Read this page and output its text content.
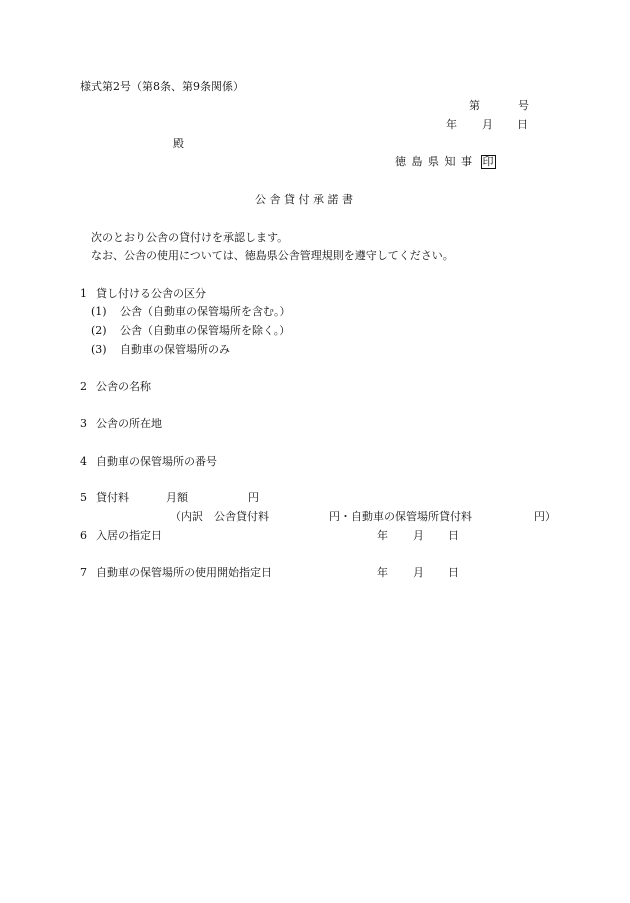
様式第2号（第8条、第9条関係）
第	号
年 月 日
殿
徳 島 県 知 事 印
公 舎 貸 付 承 諾 書
次のとおり公舎の貸付けを承認します。
なお、公舎の使用については、徳島県公舎管理規則を遵守してください。
1 貸し付ける公舎の区分
(1) 公舎（自動車の保管場所を含む。）
(2) 公舎（自動車の保管場所を除く。）
(3) 自動車の保管場所のみ
2 公舎の名称
3 公舎の所在地
4 自動車の保管場所の番号
5 貸付料	月額	円
（内訳　公舎貸付料	円・自動車の保管場所貸付料	円）
6 入居の指定日	年 月 日
7 自動車の保管場所の使用開始指定日	年 月 日
